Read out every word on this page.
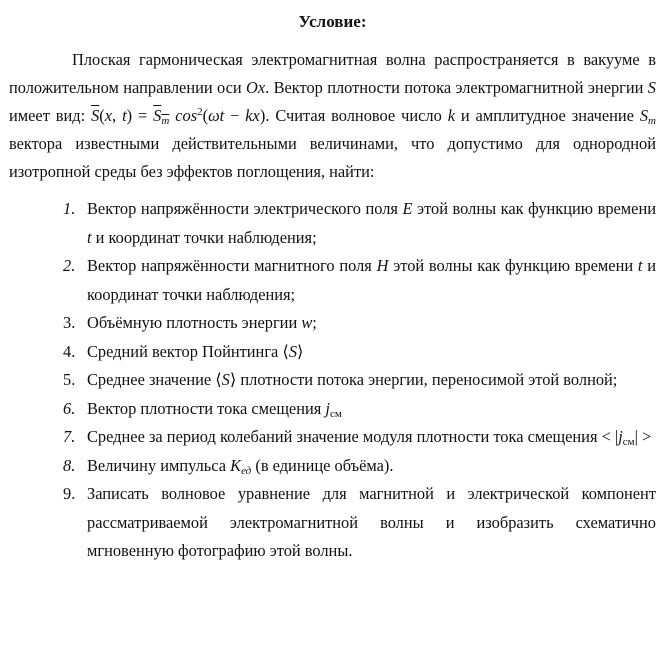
Условие:

Плоская гармоническая электромагнитная волна распространяется в вакууме в положительном направлении оси Ox. Вектор плотности потока электромагнитной энергии S имеет вид: $\overline{S}(x$, t) = Sm $\cos^2(\omega t - kx)$. Считая волновое число k и амплитудное значение Sm вектора известными действительными величинами, что допустимо для однородной изотропной среды без эффектов поглощения, найти:

1. Вектор напряжённости электрического поля E этой волны как функцию времени t и координат точки наблюдения;
2. Вектор напряжённости магнитного поля H этой волны как функцию времени t и координат точки наблюдения;
3. Объёмную плотность энергии w;
4. Средний вектор Пойнтинга ⟨S⟩
5. Среднее значение ⟨S⟩ плотности потока энергии, переносимой этой волной;
6. Вектор плотности тока смещения jсм
7. Среднее за период колебаний значение модуля плотности тока смещения < |jсм| >
8. Величину импульса Kед (в единице объёма).
9. Записать волновое уравнение для магнитной и электрической компонент рассматриваемой электромагнитной волны и изобразить схематично мгновенную фотографию этой волны.
